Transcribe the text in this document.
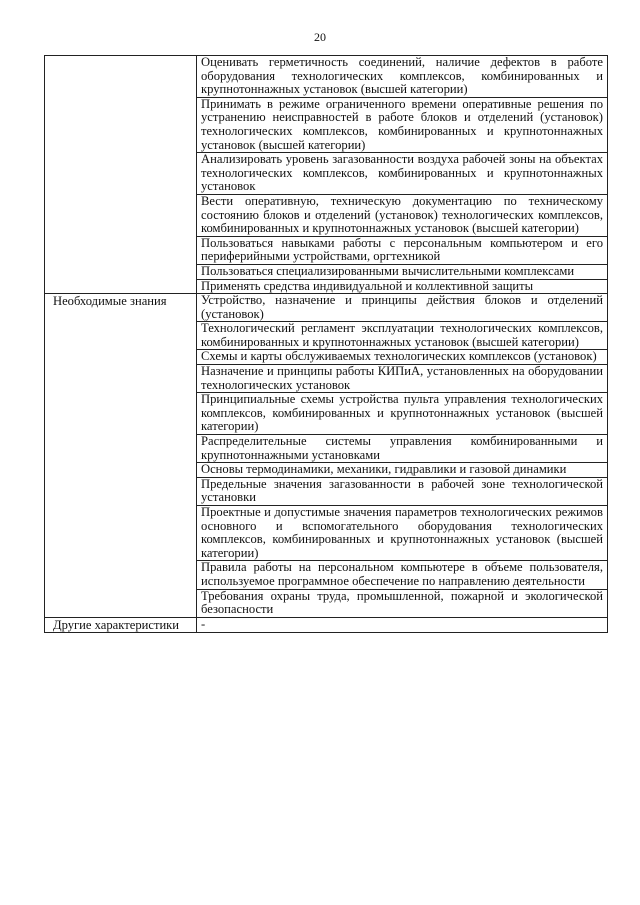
20
	Оценивать герметичность соединений, наличие дефектов в работе оборудования технологических комплексов, комбинированных и крупнотоннажных установок (высшей категории)
	Принимать в режиме ограниченного времени оперативные решения по устранению неисправностей в работе блоков и отделений (установок) технологических комплексов, комбинированных и крупнотоннажных установок (высшей категории)
	Анализировать уровень загазованности воздуха рабочей зоны на объектах технологических комплексов, комбинированных и крупнотоннажных установок
	Вести оперативную, техническую документацию по техническому состоянию блоков и отделений (установок) технологических комплексов, комбинированных и крупнотоннажных установок (высшей категории)
	Пользоваться навыками работы с персональным компьютером и его периферийными устройствами, оргтехникой
	Пользоваться специализированными вычислительными комплексами
	Применять средства индивидуальной и коллективной защиты
Необходимые знания	Устройство, назначение и принципы действия блоков и отделений (установок)
	Технологический регламент эксплуатации технологических комплексов, комбинированных и крупнотоннажных установок (высшей категории)
	Схемы и карты обслуживаемых технологических комплексов (установок)
	Назначение и принципы работы КИПиА, установленных на оборудовании технологических установок
	Принципиальные схемы устройства пульта управления технологических комплексов, комбинированных и крупнотоннажных установок (высшей категории)
	Распределительные системы управления комбинированными и крупнотоннажными установками
	Основы термодинамики, механики, гидравлики и газовой динамики
	Предельные значения загазованности в рабочей зоне технологической установки
	Проектные и допустимые значения параметров технологических режимов основного и вспомогательного оборудования технологических комплексов, комбинированных и крупнотоннажных установок (высшей категории)
	Правила работы на персональном компьютере в объеме пользователя, используемое программное обеспечение по направлению деятельности
	Требования охраны труда, промышленной, пожарной и экологической безопасности
Другие характеристики	-
